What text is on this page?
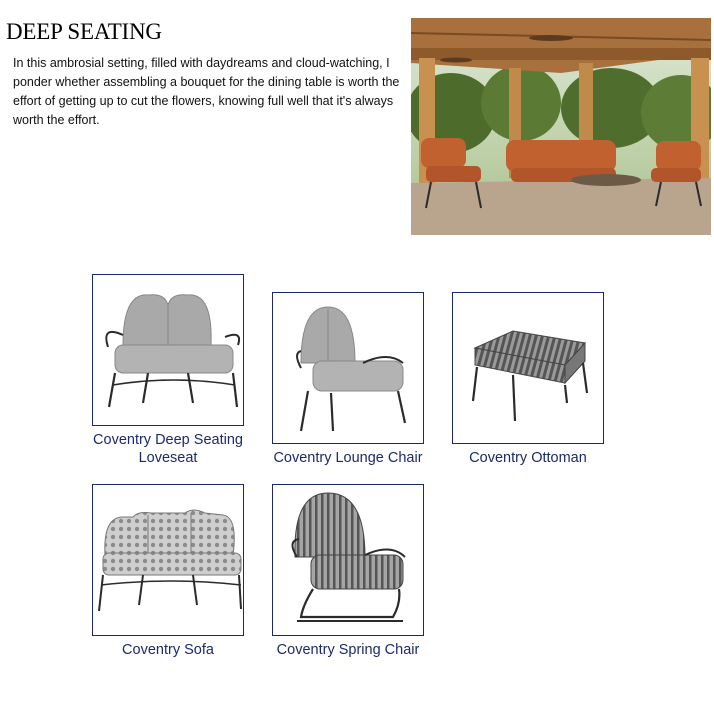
DEEP SEATING

In this ambrosial setting, filled with daydreams and cloud-watching, I ponder whether assembling a bouquet for the dining table is worth the effort of getting up to cut the flowers, knowing full well that it's always worth the effort.

Coventry Deep Seating
Loveseat	Coventry Lounge Chair	Coventry Ottoman
Coventry Sofa	Coventry Spring Chair
